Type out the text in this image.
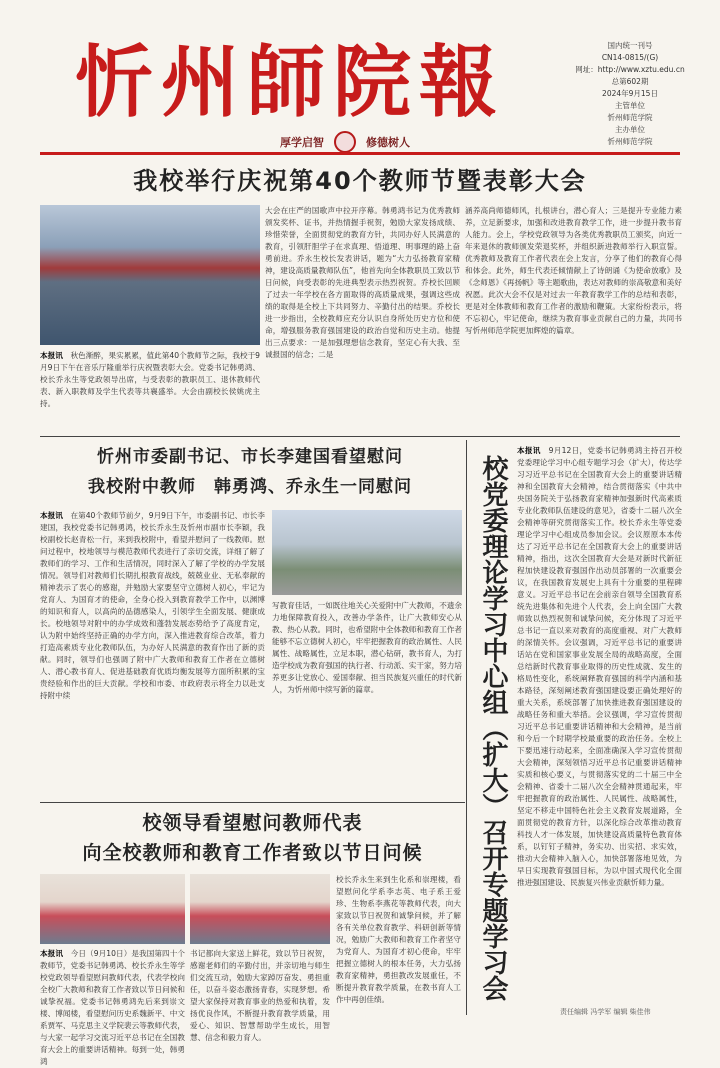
忻州師院報
厚学启智	修德树人
国内统一刊号
CN14-0815/(G)
网址：http://www.xztu.edu.cn
总第602期
2024年9月15日
主管单位
忻州师范学院
主办单位
忻州师范学院
我校举行庆祝第40个教师节暨表彰大会
本报讯　 秋色渐醉，果实累累，值此第40个教师节之际，我校于9月9日下午在音乐厅隆重举行庆祝暨表彰大会。党委书记韩勇鸿、校长乔永生等党政领导出席，与受表彰的教职员工、退休教师代表、新入职教师及学生代表等共襄盛举。大会由副校长侯姚虎主持。
大会在庄严的国歌声中拉开序幕。韩勇鸿书记为优秀教师颁发奖杯、证书，并热情握手祝贺，勉励大家发扬成绩、珍惜荣誉，全面贯彻党的教育方针，共同办好人民满意的教育，引领肝胆学子在求真理、悟道理、明事理的路上奋勇前进。乔永生校长发表讲话，题为“大力弘扬教育家精神，建设高质量教师队伍”，他首先向全体教职员工致以节日问候，向受表彰的先进典型表示热烈祝贺。乔校长回顾了过去一年学校在各方面取得的高质量成果，强调这些成绩的取得是全校上下共同努力、辛勤付出的结果。乔校长进一步指出，全校教师应充分认识自身所处历史方位和使命，增强服务教育强国建设的政治自觉和历史主动。他提出三点要求：一是加强理想信念教育，坚定心有大我、至诚报国的信念；二是
涵养高尚师德师风，扎根讲台，潜心育人；三是提升专业能力素养，立足新要求，加强和改进教育教学工作，进一步提升教书育人能力。会上，学校党政领导为各类优秀教职员工颁奖，向近一年来退休的教师颁发荣退奖杯，并组织新进教师举行入职宣誓。优秀教师及教育工作者代表在会上发言，分享了他们的教育心得和体会。此外，师生代表还倾情献上了诗朗诵《为使命放歌》及《念师恩》《再扬帆》等主题歌曲，表达对教师的崇高敬意和美好祝愿。此次大会不仅是对过去一年教育教学工作的总结和表彰，更是对全体教师和教育工作者的激励和鞭策。大家纷纷表示，将不忘初心，牢记使命，继续为教育事业贡献自己的力量，共同书写忻州师范学院更加辉煌的篇章。
忻州市委副书记、市长李建国看望慰问
我校附中教师　韩勇鸿、乔永生一同慰问
本报讯　 在第40个教师节前夕，9月9日下午，市委副书记、市长李建国，我校党委书记韩勇鸿，校长乔永生及忻州市副市长李颖，我校副校长赵青松一行，来到我校附中，看望并慰问了一线教师。慰问过程中，校地领导与模范教师代表进行了亲切交流，详细了解了教师们的学习、工作和生活情况，同时深入了解了学校的办学发展情况。领导们对教师们长期扎根教育战线，兢兢业业、无私奉献的精神表示了衷心的感谢，并勉励大家要坚守立德树人初心，牢记为党育人、为国育才的使命，全身心投入到教育教学工作中，以渊博的知识和育人，以高尚的品德感染人，引领学生全面发展、健康成长。校地领导对附中的办学成效和蓬勃发展态势给予了高度肯定，认为附中始终坚持正确的办学方向，深入推进教育综合改革，着力打造高素质专业化教师队伍，为办好人民满意的教育作出了新的贡献。同时，领导们也强调了附中广大教师和教育工作者在立德树人、潜心教书育人、促进基础教育优质均衡发展等方面所积累的宝贵经验和作出的巨大贡献。学校和市委、市政府表示将全力以赴支持附中续
写教育佳话，一如既往地关心关爱附中广大教师，不遗余力地保障教育投入，改善办学条件，让广大教师安心从教、热心从教。同时，也希望附中全体教师和教育工作者能够不忘立德树人初心，牢牢把握教育的政治属性、人民属性、战略属性，立足本职，潜心钻研，教书育人，为打造学校成为教育强国的执行者、行动派、实干家，努力培养更多让党放心、爱国奉献、担当民族复兴重任的时代新人，为忻州师中续写新的篇章。	校党委理论学习中心组（扩大）召开专题学习会
本报讯　 9月12日，党委书记韩勇鸿主持召开校党委理论学习中心组专题学习会（扩大），传达学习习近平总书记在全国教育大会上的重要讲话精神和全国教育大会精神，结合贯彻落实《中共中央国务院关于弘扬教育家精神加强新时代高素质专业化教师队伍建设的意见》，省委十二届八次全会精神等研究贯彻落实工作。校长乔永生等党委理论学习中心组成员参加会议。会议原原本本传达了习近平总书记在全国教育大会上的重要讲话精神，指出，这次全国教育大会是对新时代新征程加快建设教育强国作出动员部署的一次重要会议，在我国教育发展史上具有十分重要的里程碑意义。习近平总书记在会前亲自领导全国教育系统先进集体和先进个人代表，会上向全国广大教师致以热烈祝贺和诚挚问候，充分体现了习近平总书记一直以来对教育的高度重视、对广大教师的深情关怀。会议强调，习近平总书记的重要讲话站在党和国家事业发展全局的战略高度，全面总结新时代教育事业取得的历史性成就、发生的格局性变化，系统阐释教育强国的科学内涵和基本路径，深刻阐述教育强国建设要正确处理好的重大关系，系统部署了加快推进教育强国建设的战略任务和重大举措。会议强调，学习宣传贯彻习近平总书记重要讲话精神和大会精神，是当前和今后一个时期学校最重要的政治任务。全校上下要迅速行动起来，全面准确深入学习宣传贯彻大会精神，深刻领悟习近平总书记重要讲话精神实质和核心要义，与贯彻落实党的二十届三中全会精神、省委十二届八次全会精神贯通起来，牢牢把握教育的政治属性、人民属性、战略属性，坚定不移走中国特色社会主义教育发展道路，全面贯彻党的教育方针，以深化综合改革推动教育科技人才一体发展，加快建设高质量特色教育体系，以钉钉子精神，务实功、出实招、求实效，推动大会精神入脑入心，加快部署落地见效，为早日实现教育强国目标，为以中国式现代化全面推进强国建设、民族复兴伟业贡献忻师力量。
责任编辑 冯学军 编辑 柴佳伟
校领导看望慰问教师代表
向全校教师和教育工作者致以节日问候
本报讯　 今日（9月10日）是我国第四十个教师节，党委书记韩勇鸿、校长乔永生等学校党政领导看望慰问教师代表，代表学校向全校广大教师和教育工作者致以节日问候和诚挚祝福。党委书记韩勇鸿先后来到崇文楼、博闻楼，看望慰问历史系魏新平、中文系贾军、马克思主义学院裴云等教师代表，与大家一起学习交流习近平总书记在全国教育大会上的重要讲话精神。每到一处，韩勇鸿
书记都向大家送上鲜花，致以节日祝贺，感谢老师们的辛勤付出，并亲切地与师生们交流互动，勉励大家踔厉奋发、勇担重任，以奋斗姿态激扬青春，实现梦想。希望大家保持对教育事业的热爱和执着，发扬优良作风，不断提升教育教学质量，用爱心、知识、智慧帮助学生成长，用智慧、信念和毅力育人。
校长乔永生来到生化系和崇理楼，看望慰问化学系李志英、电子系王爱珍、生物系李燕花等教师代表，向大家致以节日祝贺和诚挚问候，并了解各有关单位教育教学、科研创新等情况，勉励广大教师和教育工作者坚守为党育人、为国育才初心使命，牢牢把握立德树人的根本任务，大力弘扬教育家精神，勇担教改发展重任，不断提升教育教学质量，在教书育人工作中再创佳绩。
